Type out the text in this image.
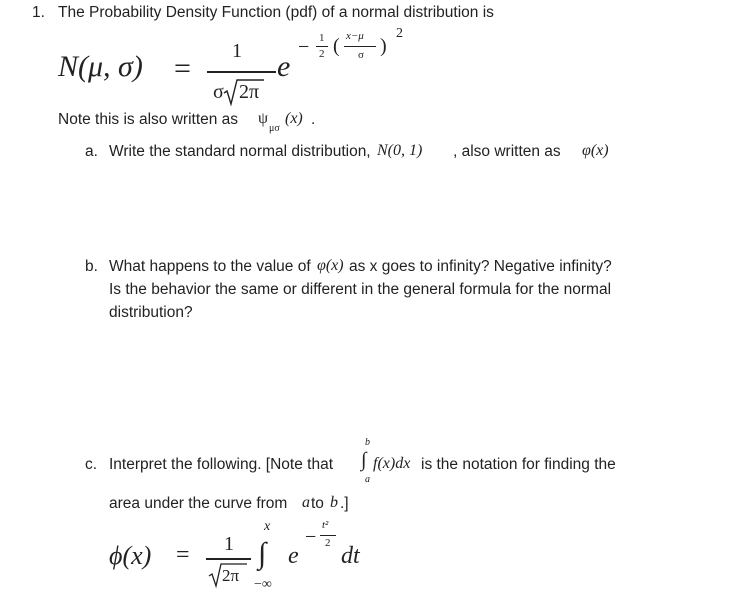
1. The Probability Density Function (pdf) of a normal distribution is
N(μ, σ) =
1
σ 2π
e
− 1
2 ( x−μ
σ )
2
Note this is also written as ψ
μσ
(x) .
a. Write the standard normal distribution, N(0, 1) , also written as φ(x)
b. What happens to the value of φ(x) as x goes to infinity? Negative infinity?
Is the behavior the same or different in the general formula for the normal
distribution?
c. Interpret the following. [Note that
b
∫
a
f(x)dx is the notation for finding the
area under the curve from a to b .]
ϕ(x) = 1
2π
x
∫
−∞
e
−
t²
2 dt
